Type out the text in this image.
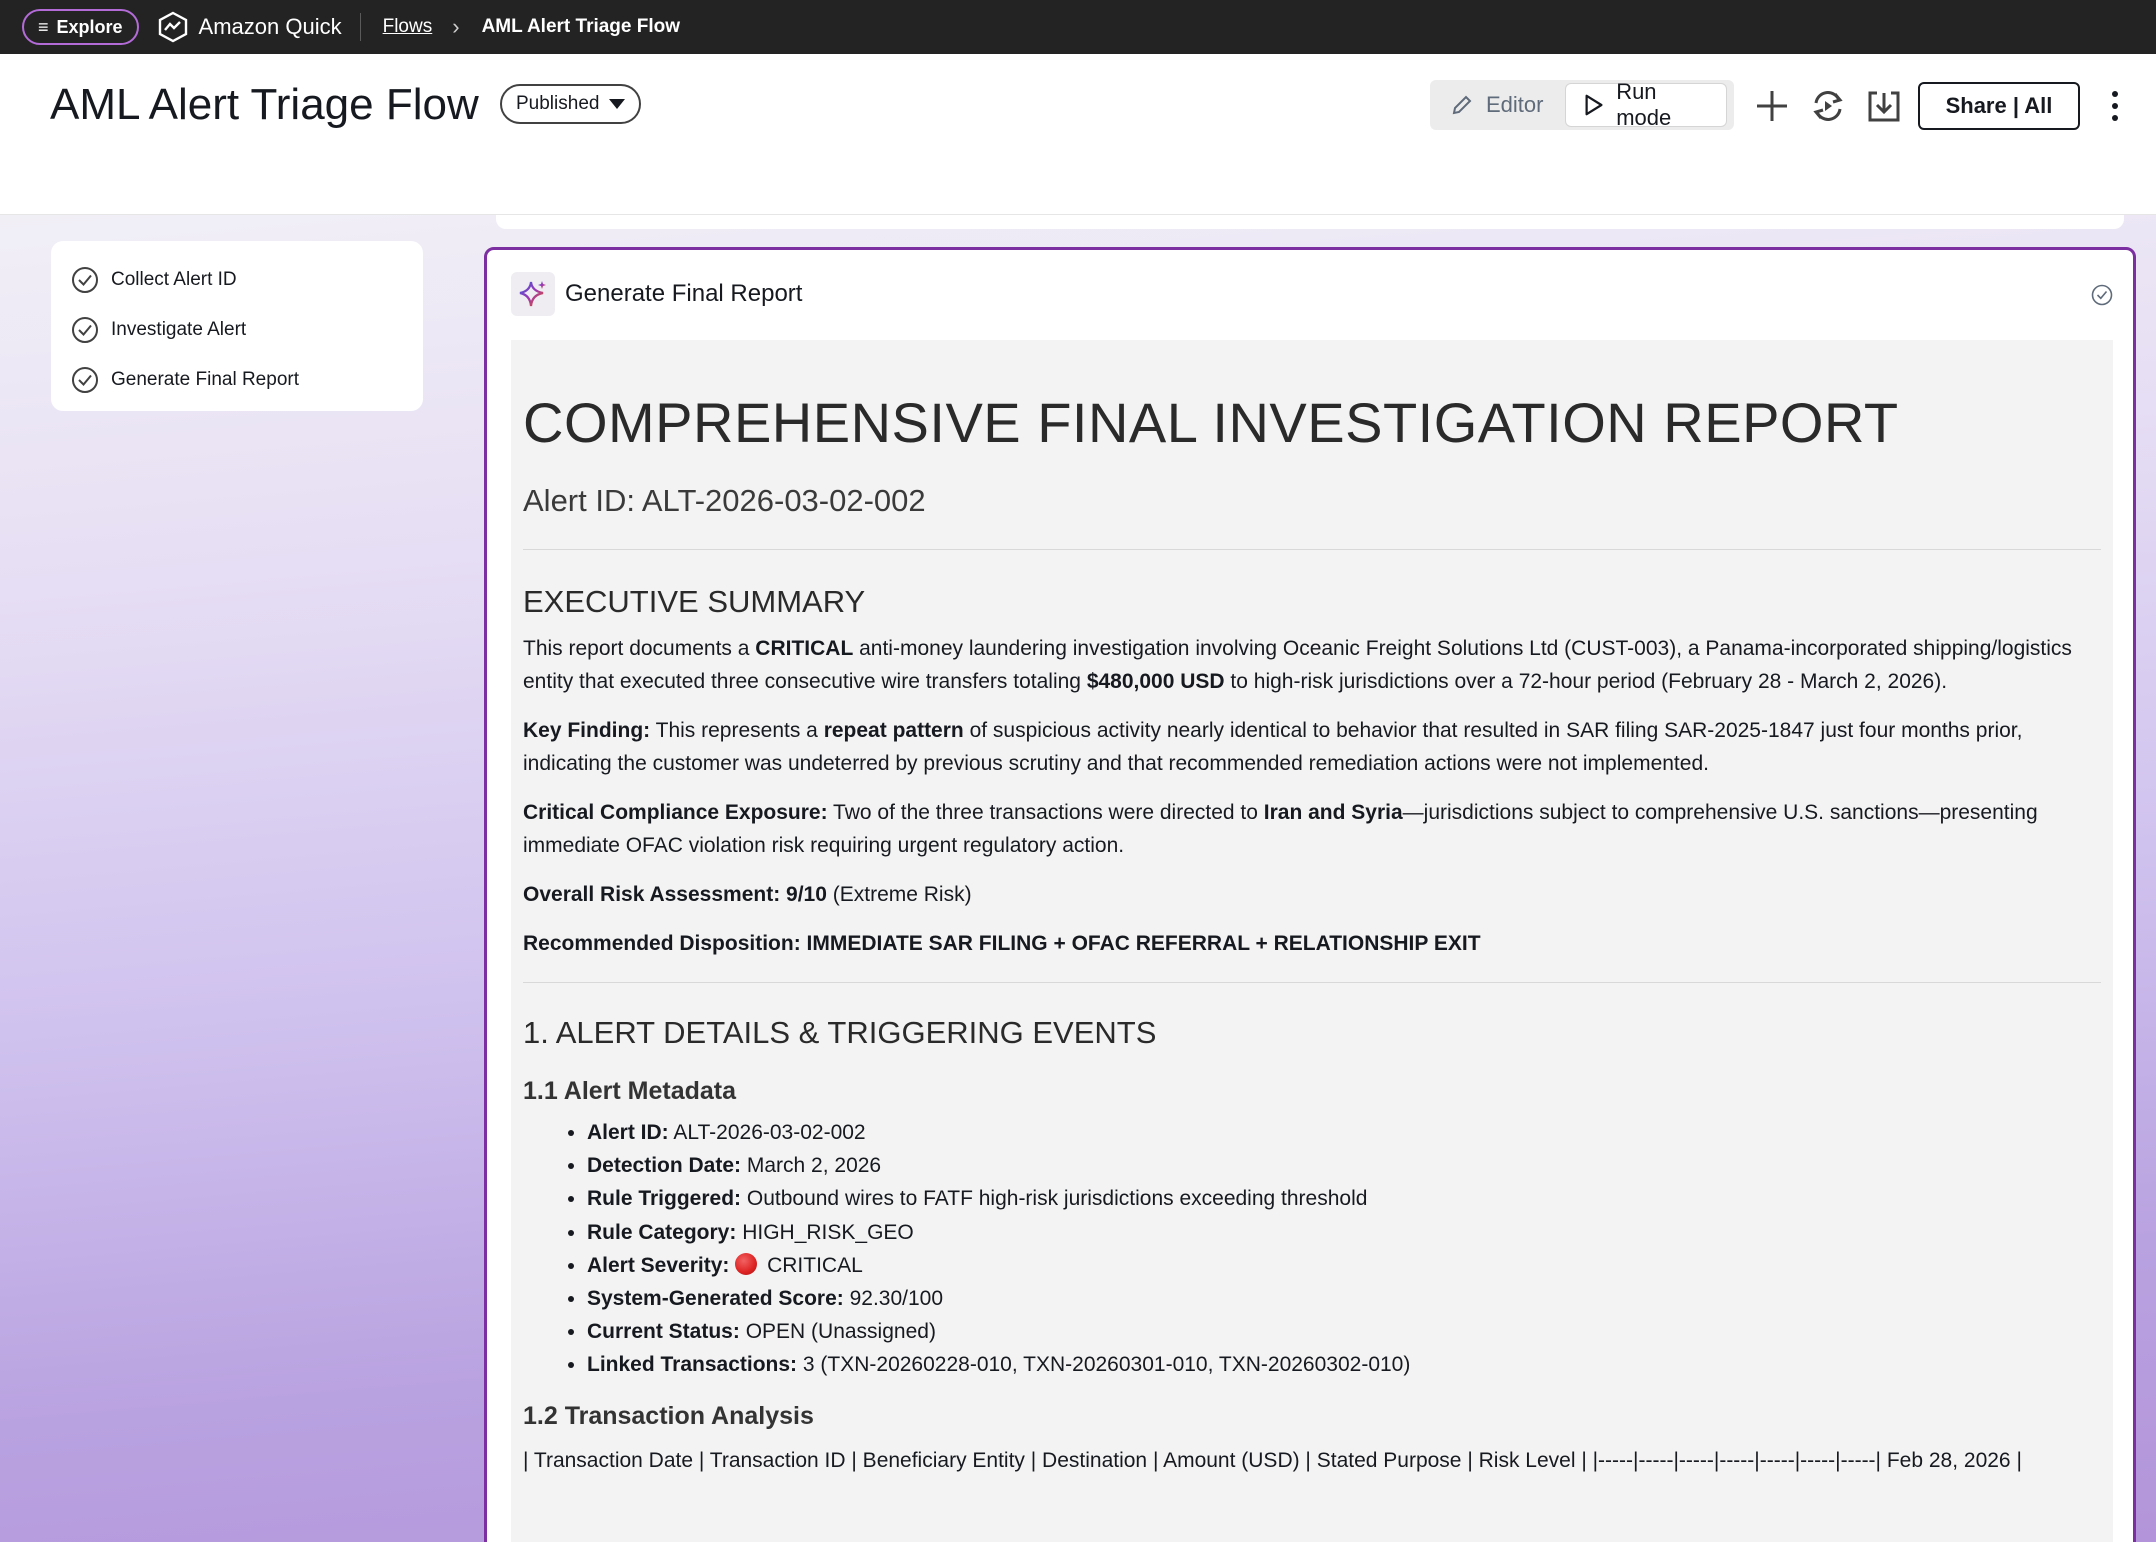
≡ Explore	Amazon Quick Flows › AML Alert Triage Flow
AML Alert Triage Flow Published	Editor
Run mode	Share | All
Collect Alert ID
Investigate Alert
Generate Final Report
Generate Final Report
COMPREHENSIVE FINAL INVESTIGATION REPORT
Alert ID: ALT-2026-03-02-002
EXECUTIVE SUMMARY

This report documents a CRITICAL anti-money laundering investigation involving Oceanic Freight Solutions Ltd (CUST-003), a Panama-incorporated shipping/logistics entity that executed three consecutive wire transfers totaling $480,000 USD to high-risk jurisdictions over a 72-hour period (February 28 - March 2, 2026).

Key Finding: This represents a repeat pattern of suspicious activity nearly identical to behavior that resulted in SAR filing SAR-2025-1847 just four months prior, indicating the customer was undeterred by previous scrutiny and that recommended remediation actions were not implemented.

Critical Compliance Exposure: Two of the three transactions were directed to Iran and Syria—jurisdictions subject to comprehensive U.S. sanctions—presenting immediate OFAC violation risk requiring urgent regulatory action.

Overall Risk Assessment: 9/10 (Extreme Risk)

Recommended Disposition: IMMEDIATE SAR FILING + OFAC REFERRAL + RELATIONSHIP EXIT

1. ALERT DETAILS & TRIGGERING EVENTS
1.1 Alert Metadata
• Alert ID: ALT-2026-03-02-002
• Detection Date: March 2, 2026
• Rule Triggered: Outbound wires to FATF high-risk jurisdictions exceeding threshold
• Rule Category: HIGH_RISK_GEO
• Alert Severity:  CRITICAL
• System-Generated Score: 92.30/100
• Current Status: OPEN (Unassigned)
• Linked Transactions: 3 (TXN-20260228-010, TXN-20260301-010, TXN-20260302-010)
1.2 Transaction Analysis
| Transaction Date | Transaction ID | Beneficiary Entity | Destination | Amount (USD) | Stated Purpose | Risk Level | |-----|-----|-----|-----|-----|-----|-----| Feb 28, 2026 |
